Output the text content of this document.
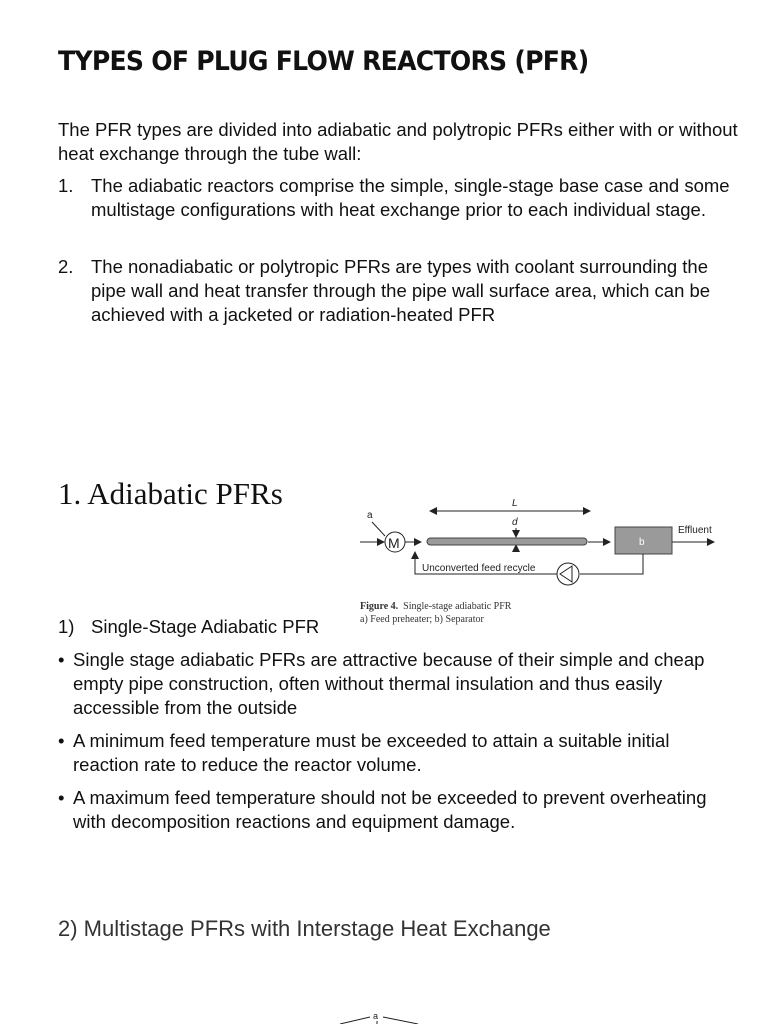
TYPES OF PLUG FLOW REACTORS (PFR)
The PFR types are divided into adiabatic and polytropic PFRs either with or without heat exchange through the tube wall:
1. The adiabatic reactors comprise the simple, single-stage base case and some multistage configurations with heat exchange prior to each individual stage.
2. The nonadiabatic or polytropic PFRs are types with coolant surrounding the pipe wall and heat transfer through the pipe wall surface area, which can be achieved with a jacketed or radiation-heated PFR
1. Adiabatic PFRs	L
d
a
M	b
Effluent
Unconverted feed recycle
Figure 4. Single-stage adiabatic PFR
a) Feed preheater; b) Separator
1) Single-Stage Adiabatic PFR
• Single stage adiabatic PFRs are attractive because of their simple and cheap empty pipe construction, often without thermal insulation and thus easily accessible from the outside
• A minimum feed temperature must be exceeded to attain a suitable initial reaction rate to reduce the reactor volume.
• A maximum feed temperature should not be exceeded to prevent overheating with decomposition reactions and equipment damage.
2) Multistage PFRs with Interstage Heat Exchange
a
